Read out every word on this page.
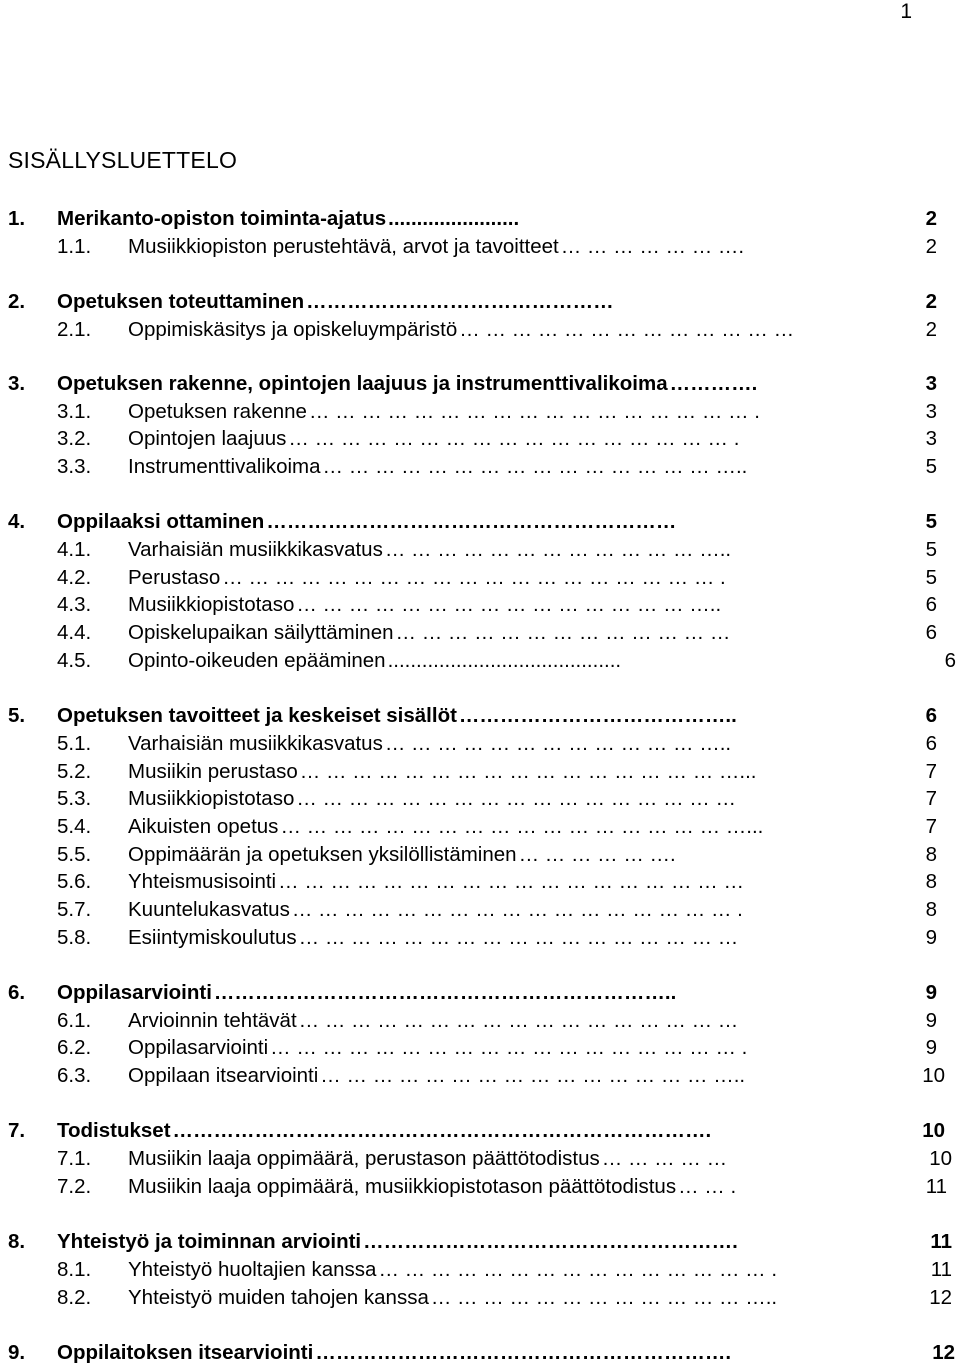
1
SISÄLLYSLUETTELO
1.	Merikanto-opiston toiminta-ajatus .......................	2
1.1.	Musiikkiopiston perustehtävä, arvot ja tavoitteet … … … … … … ….	2
2.	Opetuksen toteuttaminen ………………………………………	2
2.1.	Oppimiskäsitys ja opiskeluympäristö … … … … … … … … … … … … …	2
3.	Opetuksen rakenne, opintojen laajuus ja instrumenttivalikoima ………….	3
3.1.	Opetuksen rakenne … … … … … … … … … … … … … … … … … .	3
3.2.	Opintojen laajuus … … … … … … … … … … … … … … … … … .	3
3.3.	Instrumenttivalikoima … … … … … … … … … … … … … … … …..	5
4.	Oppilaaksi ottaminen ……………………………………………………	5
4.1.	Varhaisiän musiikkikasvatus … … … … … … … … … … … … …..	5
4.2.	Perustaso … … … … … … … … … … … … … … … … … … … .	5
4.3.	Musiikkiopistotaso … … … … … … … … … … … … … … … …..	6
4.4.	Opiskelupaikan säilyttäminen … … … … … … … … … … … … …	6
4.5.	Opinto-oikeuden epääminen .........................................	6
5.	Opetuksen tavoitteet ja keskeiset sisällöt …………………………………..	6
5.1.	Varhaisiän musiikkikasvatus … … … … … … … … … … … … …..	6
5.2.	Musiikin perustaso … … … … … … … … … … … … … … … … …...	7
5.3.	Musiikkiopistotaso … … … … … … … … … … … … … … … … …	7
5.4.	Aikuisten opetus … … … … … … … … … … … … … … … … … …...	7
5.5.	Oppimäärän ja opetuksen yksilöllistäminen … … … … … ….	8
5.6.	Yhteismusisointi … … … … … … … … … … … … … … … … … …	8
5.7.	Kuuntelukasvatus … … … … … … … … … … … … … … … … … .	8
5.8.	Esiintymiskoulutus … … … … … … … … … … … … … … … … …	9
6.	Oppilasarviointi …………………………………………………………..	9
6.1.	Arvioinnin tehtävät … … … … … … … … … … … … … … … … …	9
6.2.	Oppilasarviointi … … … … … … … … … … … … … … … … … … .	9
6.3.	Oppilaan itsearviointi … … … … … … … … … … … … … … … …..	10
7.	Todistukset …………………………………………………………………….	10
7.1.	Musiikin laaja oppimäärä, perustason päättötodistus … … … … …	10
7.2.	Musiikin laaja oppimäärä, musiikkiopistotason päättötodistus … … .	11
8.	Yhteistyö ja toiminnan arviointi ……………………………………………….	11
8.1.	Yhteistyö huoltajien kanssa … … … … … … … … … … … … … … … .	11
8.2.	Yhteistyö muiden tahojen kanssa … … … … … … … … … … … … …..	12
9.	Oppilaitoksen itsearviointi …………………………………………………….	12
